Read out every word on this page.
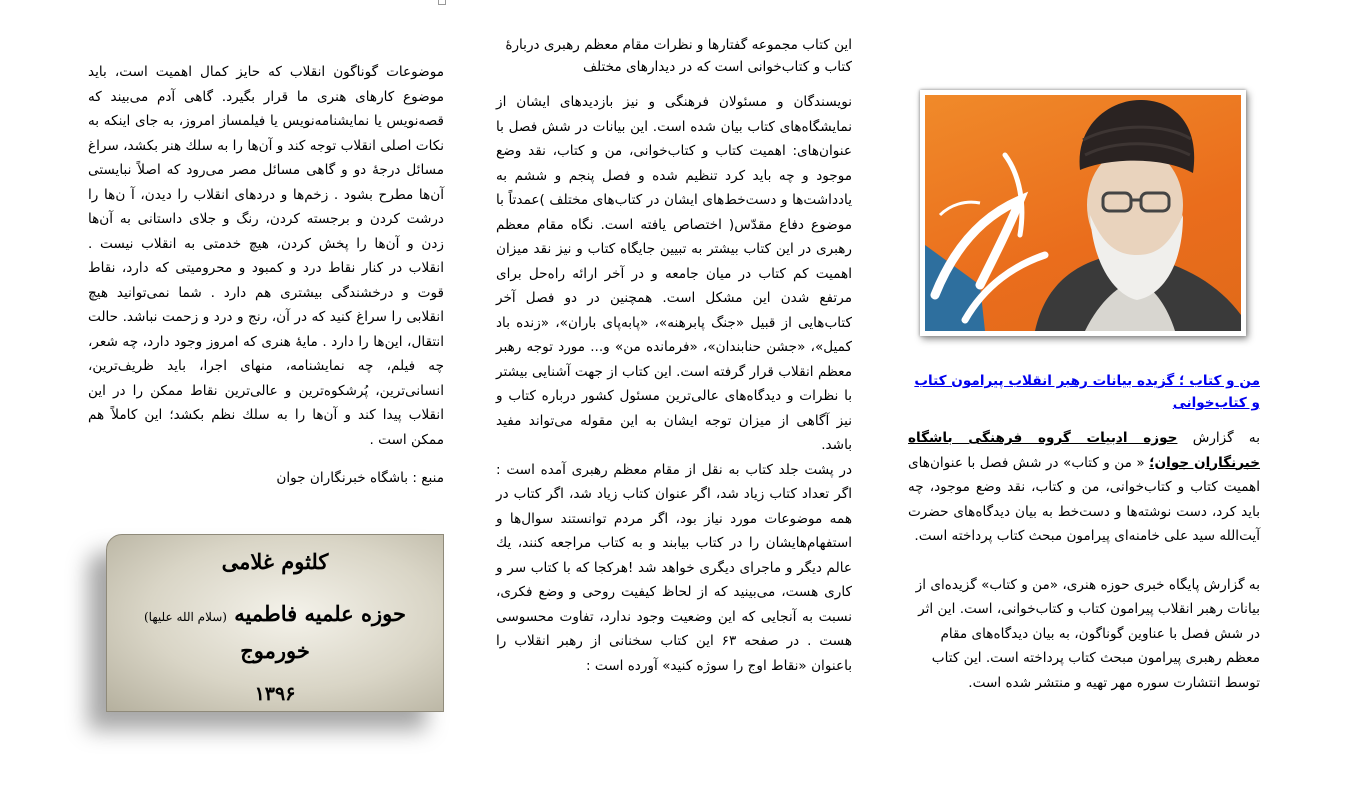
موضوعات گوناگون انقلاب که حایز کمال اهمیت است، باید موضوع کارهای هنری ما قرار بگیرد. گاهی آدم می‌بیند که قصه‌نویس یا نمایشنامه‌نویس یا فیلمساز امروز، به جای اینکه به نکات اصلی انقلاب توجه کند و آن‌ها را به سلك هنر بكشد، سراغ مسائل درجهٔ دو و گاهی مسائل مصر می‌رود که اصلاً نبایستی آن‌ها مطرح بشود . زخم‌ها و دردهای انقلاب را دیدن، آ ن‌ها را درشت کردن و برجسته کردن، رنگ و جلای داستانی به آن‌ها زدن و آن‌ها را پخش کردن، هیچ خدمتی به انقلاب نیست . انقلاب در کنار نقاط درد و کمبود و محرومیتی که دارد، نقاط قوت و درخشندگی بیشتری هم دارد . شما نمی‌توانید هیچ انقلابی را سراغ کنید که در آن، رنج و درد و زحمت نباشد. حالت انتقال، این‌ها را دارد . مایهٔ هنری که امروز وجود دارد، چه شعر، چه فیلم، چه نمایشنامه، منهای اجرا، باید ظریف‌ترین، انسانی‌ترین، پُرشکوه‌ترین و عالی‌ترین نقاط ممکن را در این انقلاب پیدا کند و آن‌ها را به سلك نظم بكشد؛ این كاملاً هم ممکن است .

منبع : باشگاه خبرنگاران جوان

کلثوم غلامی
حوزه علمیه فاطمیه (سلام الله علیها)
خورموج
۱۳۹۶

این کتاب مجموعه گفتارها و نظرات مقام معظم رهبری دربارهٔ کتاب و کتاب‌خوانی است که در دیدارهای مختلف

نویسندگان و مسئولان فرهنگی و نیز بازدیدهای ایشان از نمایشگاه‌های کتاب بیان شده است. این بیانات در شش فصل با عنوان‌های: اهمیت کتاب و کتاب‌خوانی، من و کتاب، نقد وضع موجود و چه باید کرد تنظیم شده و فصل پنجم و ششم به یادداشت‌ها و دست‌خط‌های ایشان در کتاب‌های مختلف )عمدتاً با موضوع دفاع مقدّس( اختصاص یافته است. نگاه مقام معظم رهبری در این کتاب بیشتر به تبیین جایگاه کتاب و نیز نقد میزان اهمیت کم کتاب در میان جامعه و در آخر ارائه راه‌حل برای مرتفع شدن این مشکل است. همچنین در دو فصل آخر کتاب‌هایی از قبیل «جنگ پابرهنه»، «پابه‌پای باران»، «زنده باد کمیل»، «جشن حنابندان»، «فرمانده من» و... مورد توجه رهبر معظم انقلاب قرار گرفته است. این کتاب از جهت آشنایی بیشتر با نظرات و دیدگاه‌های عالی‌ترین مسئول کشور درباره کتاب و نیز آگاهی از میزان توجه ایشان به این مقوله می‌تواند مفید باشد.

در پشت جلد کتاب به نقل از مقام معظم رهبری آمده است : اگر تعداد کتاب زیاد شد، اگر عنوان کتاب زیاد شد، اگر کتاب در همه موضوعات مورد نیاز بود، اگر مردم توانستند سوال‌ها و استفهام‌هایشان را در کتاب بیابند و به کتاب مراجعه کنند، يك عالم دیگر و ماجرای دیگری خواهد شد !هرکجا که با کتاب سر و کاری هست، می‌بینید که از لحاظ کیفیت روحی و وضع فکری، نسبت به آنجایی که این وضعیت وجود ندارد، تفاوت محسوسی هست . در صفحه ۶۳ این کتاب سخنانی از رهبر انقلاب را باعنوان «نقاط اوج را سوژه کنید» آورده است :

من و کتاب ؛ گزیده بیانات رهبر انقلاب پیرامون کتاب و کتاب‌خوانی

به گزارش حوزه ادبیات گروه فرهنگی باشگاه خبرنگاران جوان؛ « من و کتاب» در شش فصل با عنوان‌های اهمیت کتاب و کتاب‌خوانی، من و کتاب، نقد وضع موجود، چه باید کرد، دست نوشته‌ها و دست‌خط به بیان دیدگاه‌های حضرت آیت‌الله سید علی خامنه‌ای پیرامون مبحث کتاب پرداخته است.

به گزارش پایگاه خبری حوزه هنری، «من و کتاب» گزیده‌ای از بیانات رهبر انقلاب پیرامون کتاب و کتاب‌خوانی، است. این اثر در شش فصل با عناوین گوناگون، به بیان دیدگاه‌های مقام معظم رهبری پیرامون مبحث کتاب پرداخته است. این کتاب توسط انتشارت سوره مهر تهیه و منتشر شده است.
